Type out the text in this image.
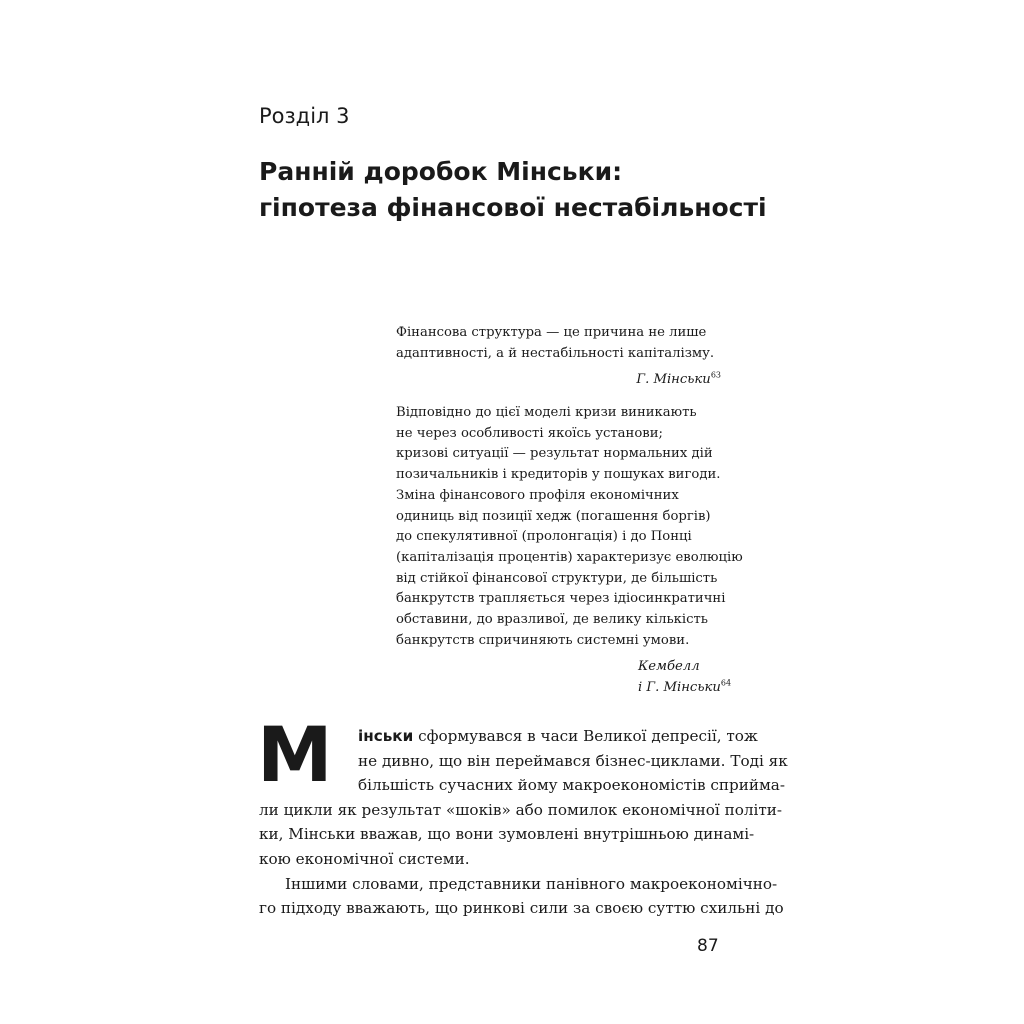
Розділ 3
Ранній доробок Мінськи:
гіпотеза фінансової нестабільності
Фінансова структура — це причина не лише
адаптивності, а й нестабільності капіталізму.
Г. Мінськи$^{63}$
Відповідно до цієї моделі кризи виникають
не через особливості якоїсь установи;
кризові ситуації — результат нормальних дій
позичальників і кредиторів у пошуках вигоди.
Зміна фінансового профіля економічних
одиниць від позиції хедж (погашення боргів)
до спекулятивної (пролонгація) і до Понці
(капіталізація процентів) характеризує еволюцію
від стійкої фінансової структури, де більшість
банкрутств трапляється через ідіосинкратичні
обставини, до вразливої, де велику кількість
банкрутств спричиняють системні умови.
Кембелл
і Г. Мінськи$^{64}$
М	інськи сформувався в часи Великої депресії, тож
не дивно, що він переймався бізнес-циклами. Тоді як
більшість сучасних йому макроекономістів сприйма-
ли цикли як результат «шоків» або помилок економічної політи-
ки, Мінськи вважав, що вони зумовлені внутрішньою динамі-
кою економічної системи.
Іншими словами, представники панівного макроекономічно-
го підходу вважають, що ринкові сили за своєю суттю схильні до
87
